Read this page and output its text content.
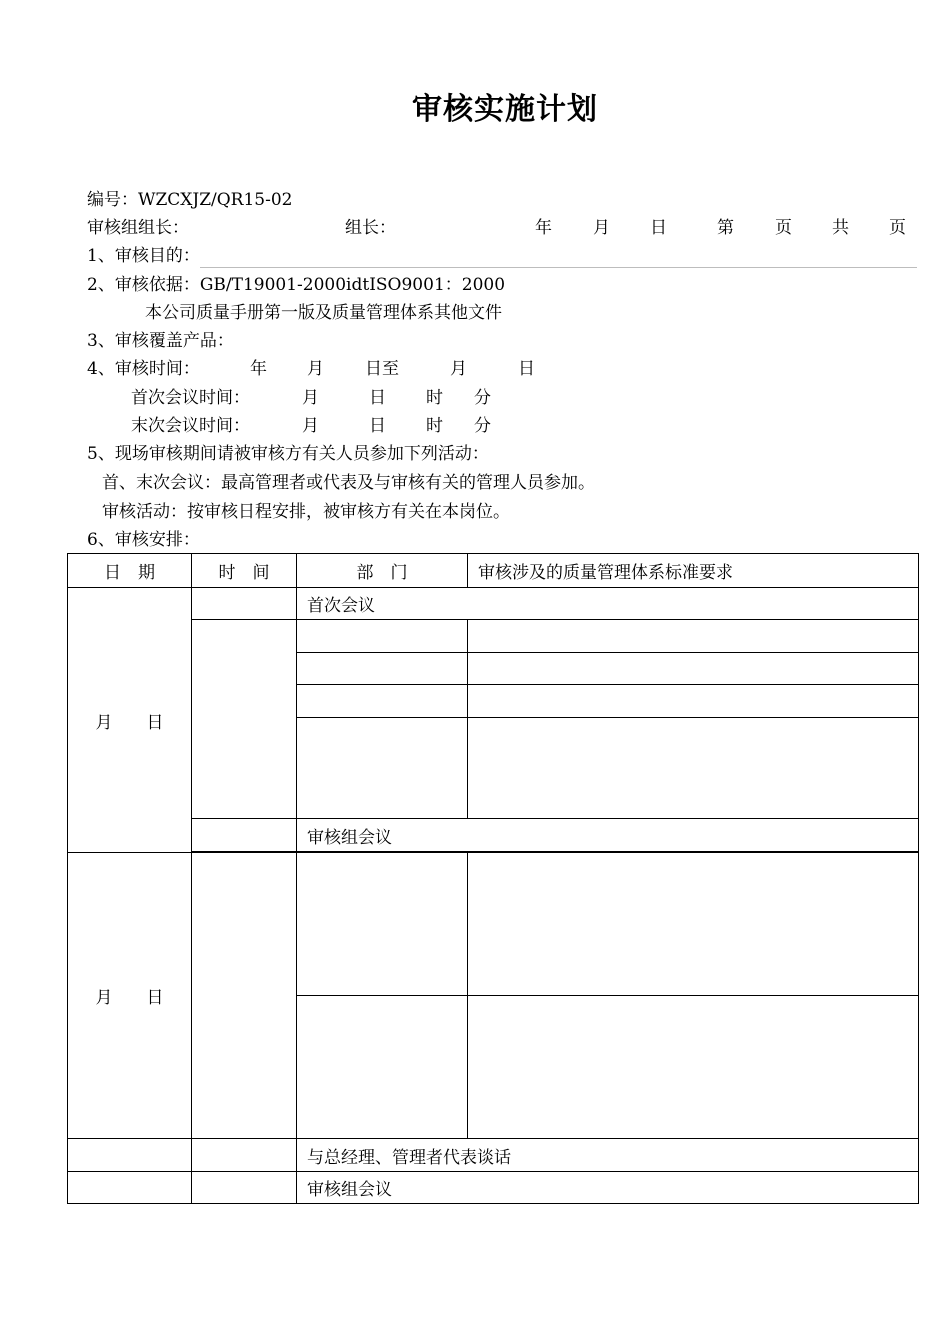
审核实施计划
编号：WZCXJZ/QR15-02
审核组组长：	组长：	年 月 日	第 页 共 页
1、审核目的：
2、审核依据：GB/T19001-2000idtISO9001：2000
本公司质量手册第一版及质量管理体系其他文件
3、审核覆盖产品：
4、审核时间：	年 月 日至	月	日
首次会议时间：	月	日 时 分
末次会议时间：	月	日 时 分
5、现场审核期间请被审核方有关人员参加下列活动：
首、末次会议：最高管理者或代表及与审核有关的管理人员参加。
审核活动：按审核日程安排，被审核方有关在本岗位。
6、审核安排：
日　期	时　间	部　门	审核涉及的质量管理体系标准要求
月　　日		首次会议	

		审核组会议	

月　　日			

		与总经理、管理者代表谈话	
		审核组会议	
